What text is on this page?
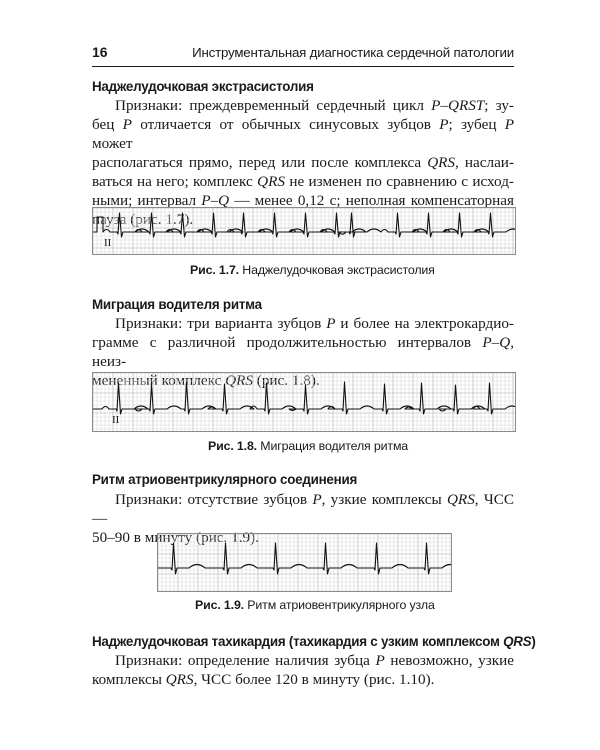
16	Инструментальная диагностика сердечной патологии
Наджелудочковая экстрасистолия
Признаки: преждевременный сердечный цикл P–QRST; зу-
бец P отличается от обычных синусовых зубцов P; зубец P может
располагаться прямо, перед или после комплекса QRS, наслаи-
ваться на него; комплекс QRS не изменен по сравнению с исход-
ными; интервал P–Q — менее 0,12 с; неполная компенсаторная
пауза (рис. 1.7).
II
Рис. 1.7. Наджелудочковая экстрасистолия
Миграция водителя ритма
Признаки: три варианта зубцов P и более на электрокардио-
грамме с различной продолжительностью интервалов P–Q, неиз-
мененный комплекс QRS (рис. 1.8).
II
Рис. 1.8. Миграция водителя ритма
Ритм атриовентрикулярного соединения
Признаки: отсутствие зубцов P, узкие комплексы QRS, ЧСС —
50–90 в минуту (рис. 1.9).
Рис. 1.9. Ритм атриовентрикулярного узла
Наджелудочковая тахикардия (тахикардия с узким комплексом QRS)
Признаки: определение наличия зубца P невозможно, узкие
комплексы QRS, ЧСС более 120 в минуту (рис. 1.10).
